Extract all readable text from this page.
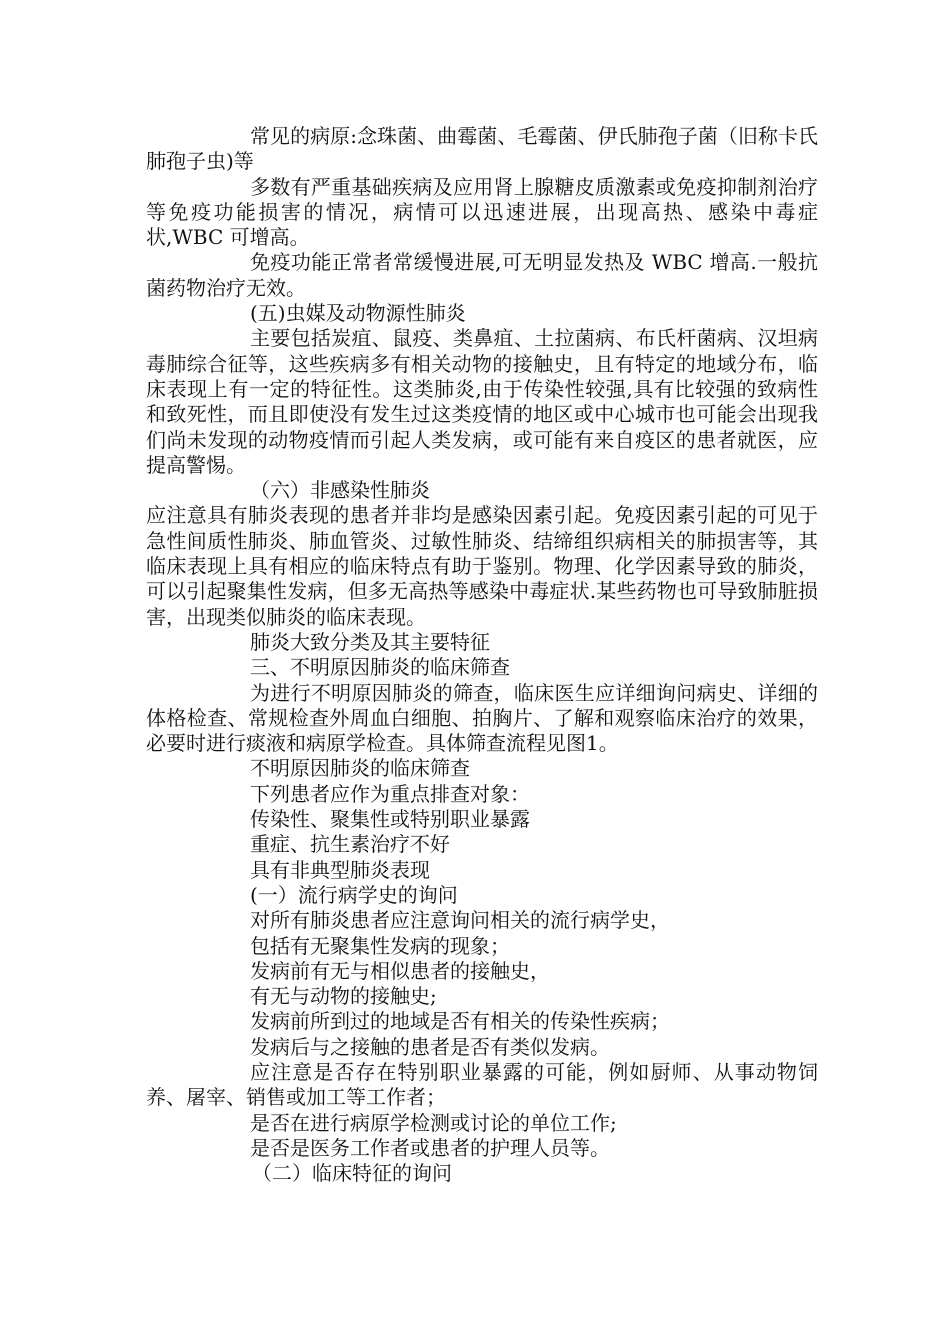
常见的病原:念珠菌、曲霉菌、毛霉菌、伊氏肺孢子菌（旧称卡氏肺孢子虫)等

多数有严重基础疾病及应用肾上腺糖皮质激素或免疫抑制剂治疗等免疫功能损害的情况，病情可以迅速进展，出现高热、感染中毒症状,WBC 可增高。

免疫功能正常者常缓慢进展,可无明显发热及 WBC 增高.一般抗菌药物治疗无效。

(五)虫媒及动物源性肺炎

主要包括炭疽、鼠疫、类鼻疽、土拉菌病、布氏杆菌病、汉坦病毒肺综合征等，这些疾病多有相关动物的接触史，且有特定的地域分布，临床表现上有一定的特征性。这类肺炎,由于传染性较强,具有比较强的致病性和致死性，而且即使没有发生过这类疫情的地区或中心城市也可能会出现我们尚未发现的动物疫情而引起人类发病，或可能有来自疫区的患者就医，应提高警惕。

（六）非感染性肺炎

应注意具有肺炎表现的患者并非均是感染因素引起。免疫因素引起的可见于急性间质性肺炎、肺血管炎、过敏性肺炎、结缔组织病相关的肺损害等，其临床表现上具有相应的临床特点有助于鉴别。物理、化学因素导致的肺炎，可以引起聚集性发病，但多无高热等感染中毒症状.某些药物也可导致肺脏损害，出现类似肺炎的临床表现。

肺炎大致分类及其主要特征

三、不明原因肺炎的临床筛查

为进行不明原因肺炎的筛查，临床医生应详细询问病史、详细的体格检查、常规检查外周血白细胞、拍胸片、了解和观察临床治疗的效果，必要时进行痰液和病原学检查。具体筛查流程见图1。

不明原因肺炎的临床筛查

下列患者应作为重点排查对象：

传染性、聚集性或特别职业暴露

重症、抗生素治疗不好

具有非典型肺炎表现

(一）流行病学史的询问

对所有肺炎患者应注意询问相关的流行病学史，

包括有无聚集性发病的现象；

发病前有无与相似患者的接触史，

有无与动物的接触史;

发病前所到过的地域是否有相关的传染性疾病；

发病后与之接触的患者是否有类似发病。

应注意是否存在特别职业暴露的可能，例如厨师、从事动物饲养、屠宰、销售或加工等工作者；

是否在进行病原学检测或讨论的单位工作;

是否是医务工作者或患者的护理人员等。

（二）临床特征的询问
